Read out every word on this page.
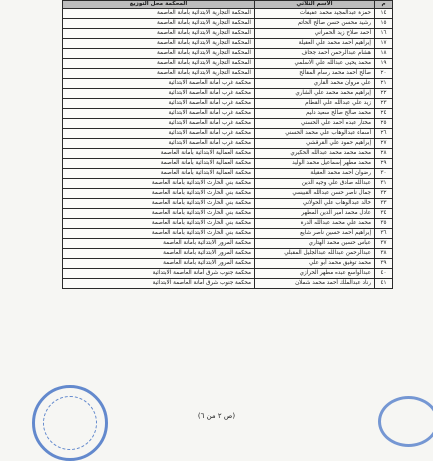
م	الاسم الثلاثي	المحكمة محل التوزيع
١٤	حمزة عبدالمجيد محمد عفيفات	المحكمة التجارية الابتدائية بأمانة العاصمة
١٥	رشيد محسن حسن صالح الحاتم	المحكمة التجارية الابتدائية بأمانة العاصمة
١٦	أحمد صلاح زيد الحمراني	المحكمة التجارية الابتدائية بأمانة العاصمة
١٧	إبراهيم أحمد محمد علي العقيلة	المحكمة التجارية الابتدائية بأمانة العاصمة
١٨	هشام عبدالرحمن أحمد جحاف	المحكمة التجارية الابتدائية بأمانة العاصمة
١٩	محمد يحيى عبدالله علي الاسلمي	المحكمة التجارية الابتدائية بأمانة العاصمة
٢٠	صالح أحمد محمد رسام المقالح	المحكمة التجارية الابتدائية بأمانة العاصمة
٢١	علي مروان محمد القاري	محكمة غرب أمانة العاصمة الابتدائية
٢٢	إبراهيم محمد محمد علي الشاري	محكمة غرب أمانة العاصمة الابتدائية
٢٣	زيد علي عبدالله علي القطام	محكمة غرب أمانة العاصمة الابتدائية
٢٤	محمد صالح صالح سعيد دليم	محكمة غرب أمانة العاصمة الابتدائية
٢٥	مختار عبده أحمد علي الحسني	محكمة غرب أمانة العاصمة الابتدائية
٢٦	أسماء عبدالوهاب علي محمد الحسني	محكمة غرب أمانة العاصمة الابتدائية
٢٧	إبراهيم حمود علي القرقشي	محكمة غرب أمانة العاصمة الابتدائية
٢٨	محمد محمد محمد عبدالله الحكيري	محكمة العمالية الابتدائية بأمانة العاصمة
٢٩	محمد مطهر إسماعيل محمد الوليد	محكمة العمالية الابتدائية بأمانة العاصمة
٣٠	رضوان أحمد محمد العقيلة	محكمة العمالية الابتدائية بأمانة العاصمة
٣١	عبدالله صادق علي وجيه الدين	محكمة بني الحارث الابتدائية بأمانة العاصمة
٣٢	جمال ناصر حسن عبدالله القبيسي	محكمة بني الحارث الابتدائية بأمانة العاصمة
٣٣	خالد عبدالوهاب علي الحولاني	محكمة بني الحارث الابتدائية بأمانة العاصمة
٣٤	عادل محمد أمير الدين المطهر	محكمة بني الحارث الابتدائية بأمانة العاصمة
٣٥	محمد علي محمد عبدالله الدرة	محكمة بني الحارث الابتدائية بأمانة العاصمة
٣٦	إبراهيم أحمد حسين ناصر شايع	محكمة بني الحارث الابتدائية بأمانة العاصمة
٣٧	عباس حسين محمد الهتاري	محكمة المرور الابتدائية بأمانة العاصمة
٣٨	عبدالرحمن عبدالله عبدالجليل المقبلي	محكمة المرور الابتدائية بأمانة العاصمة
٣٩	محمد توفيق محمد أبو علي	محكمة المرور الابتدائية بأمانة العاصمة
٤٠	عبدالواسع عبده مطهر الحرازي	محكمة جنوب شرق أمانة العاصمة الابتدائية
٤١	رناد عبدالملك أحمد محمد شملان	محكمة جنوب شرق أمانة العاصمة الابتدائية
(ص ٢ من ٦)
